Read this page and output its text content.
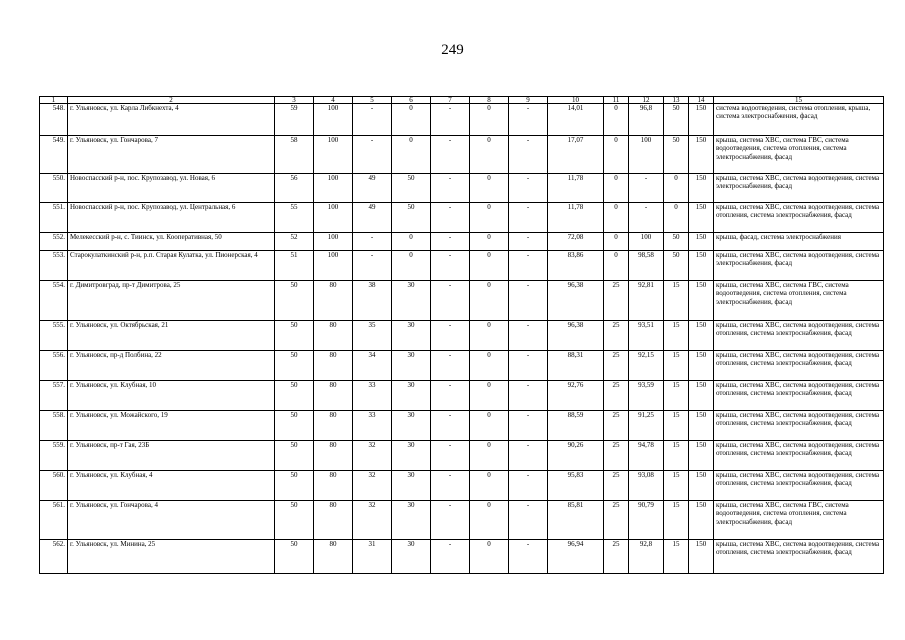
249
1	2	3	4	5	6	7	8	9	10	11	12	13	14	15
548.	г. Ульяновск, ул. Карла Либкнехта, 4	59	100	-	0	-	0	-	14,01	0	96,8	50	150	система водоотведения, система отопления, крыша, система электроснабжения, фасад
549.	г. Ульяновск, ул. Гончарова, 7	58	100	-	0	-	0	-	17,07	0	100	50	150	крыша, система ХВС, система ГВС, система водоотведения, система отопления, система электроснабжения, фасад
550.	Новоспасский р-н, пос. Крупозавод, ул. Новая, 6	56	100	49	50	-	0	-	11,78	0	-	0	150	крыша, система ХВС, система водоотведения, система электроснабжения, фасад
551.	Новоспасский р-н, пос. Крупозавод, ул. Центральная, 6	55	100	49	50	-	0	-	11,78	0	-	0	150	крыша, система ХВС, система водоотведения, система отопления, система электроснабжения, фасад
552.	Мелекесский р-н, с. Тиинск, ул. Кооперативная, 50	52	100	-	0	-	0	-	72,08	0	100	50	150	крыша, фасад, система электроснабжения
553.	Старокулаткинский р-н, р.п. Старая Кулатка, ул. Пионерская, 4	51	100	-	0	-	0	-	83,86	0	98,58	50	150	крыша, система ХВС, система водоотведения, система электроснабжения, фасад
554.	г. Димитровград, пр-т Димитрова, 25	50	80	38	30	-	0	-	96,38	25	92,81	15	150	крыша, система ХВС, система ГВС, система водоотведения, система отопления, система электроснабжения, фасад
555.	г. Ульяновск, ул. Октябрьская, 21	50	80	35	30	-	0	-	96,38	25	93,51	15	150	крыша, система ХВС, система водоотведения, система отопления, система электроснабжения, фасад
556.	г. Ульяновск, пр-д Полбина, 22	50	80	34	30	-	0	-	88,31	25	92,15	15	150	крыша, система ХВС, система водоотведения, система отопления, система электроснабжения, фасад
557.	г. Ульяновск, ул. Клубная, 10	50	80	33	30	-	0	-	92,76	25	93,59	15	150	крыша, система ХВС, система водоотведения, система отопления, система электроснабжения, фасад
558.	г. Ульяновск, ул. Можайского, 19	50	80	33	30	-	0	-	88,59	25	91,25	15	150	крыша, система ХВС, система водоотведения, система отопления, система электроснабжения, фасад
559.	г. Ульяновск, пр-т Гая, 23Б	50	80	32	30	-	0	-	90,26	25	94,78	15	150	крыша, система ХВС, система водоотведения, система отопления, система электроснабжения, фасад
560.	г. Ульяновск, ул. Клубная, 4	50	80	32	30	-	0	-	95,83	25	93,08	15	150	крыша, система ХВС, система водоотведения, система отопления, система электроснабжения, фасад
561.	г. Ульяновск, ул. Гончарова, 4	50	80	32	30	-	0	-	85,81	25	90,79	15	150	крыша, система ХВС, система ГВС, система водоотведения, система отопления, система электроснабжения, фасад
562.	г. Ульяновск, ул. Минина, 25	50	80	31	30	-	0	-	96,94	25	92,8	15	150	крыша, система ХВС, система водоотведения, система отопления, система электроснабжения, фасад
